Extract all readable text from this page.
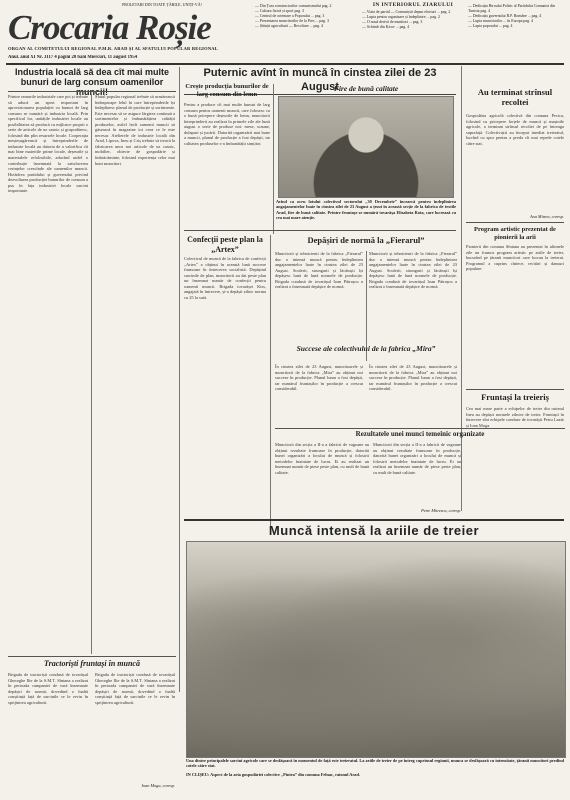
PROLETARI DIN TOATE ȚĂRILE, UNIȚI-VĂ!
Crocaria Roșie
ORGAN AL COMITETULUI REGIONAL P.M.R. ARAD ȘI AL SFATULUI POPULAR REGIONAL
Anul. anul XI Nr. 3117 4 pagini 20 bani Miercuri, 11 august 1954
— Din Țara constructorilor comunismului pag. 2
— Cultura fizică și sport pag. 3
— Centrul de orientare a Poporului ... pag. 3
— Prezentarea muncitorilor de la Pres ... pag. 3
— Știință agricultură — Recoltare ... pag. 4
IN INTERIORUL ZIARULUI
— Viata de partid — Comuniștii depun eforturi ... pag. 2
— Lupta pentru organizare și îndeplinire ... pag. 2
— O nouă derivă de munitori ... pag. 3
— Schimb din Kirov ... pag. 4
— Dedicația Biroului Politic al Partidului Comunist din Tunisia pag. 4
— Dedicația guvernului R.P. Române ... pag. 4
— Lupta muncitorilor ... în Europa pag. 4
— Lupta poporului ... pag. 4
Industria locală să dea cît mai multe bunuri de larg consum oamenilor muncii!
Printre ramurile industriale care pot și trebuie să aducă un aport important în aprovizionarea populației cu bunuri de larg consum se numără și industria locală. Prin specificul lor, unitățile industriei locale au posibilitatea să producă cu mijloace proprii o serie de articole de uz casnic și gospodăresc, folosind din plin resursele locale. Cooperația meșteșugărească și întreprinderile de industrie locală au datoria de a valorifica cît mai bine materiile prime locale, deșeurile și materialele refolosibile, aducînd astfel o contribuție însemnată la satisfacerea cerințelor crescînde ale oamenilor muncii. Hotărîrea partidului și guvernului privind dezvoltarea producției bunurilor de consum a pus în fața industriei locale sarcini importante.
Sfatul popular regional trebuie să urmărească îndeaproape felul în care întreprinderile își îndeplinesc planul de producție și sortimente. Este necesar să se asigure lărgirea continuă a sortimentelor și îmbunătățirea calității produselor, astfel încît oamenii muncii să găsească în magazine tot ceea ce le este necesar. Atelierele de industrie locală din Arad, Lipova, Ineu și Criș trebuie să treacă la fabricarea unor noi articole de uz casnic, mobilier, obiecte de gospodărie și îmbrăcăminte, folosind experiența celor mai buni muncitori.
Puternic avînt în muncă în cinstea zilei de 23 August
Crește producția bunurilor de larg consum din lemn
Pentru a produce cît mai multe bunuri de larg consum pentru oamenii muncii, care folosesc cu o bună pricepere deșeurile de lemn, muncitorii întreprinderii au realizat în primele zile ale lunii august o serie de produse noi: mese, scaune, dulapuri și jucării. Datorită organizării mai bune a muncii, planul de producție a fost depășit, iar calitatea produselor s-a îmbunătățit simțitor.
Fire de bună calitate
Avînd ca ocru lotului colectivul sectorului „30 Decembrie” încearcă pentru îndeplinirea angajamentelor luate în cinstea zilei de 23 August a țesut în această secție de la fabrica de textile Arad, fire de bună calitate. Printre fruntașe se numără tovarășa Elisabeta Rota, care lucrează cu cea mai mare atenție.
Confecții peste plan la „Artex”
Colectivul de muncă de la fabrica de confecții „Artex” a obținut în această lună succese frumoase în întrecerea socialistă. Depășind sarcinile de plan, muncitorii au dat peste plan un însemnat număr de confecții pentru oamenii muncii. Brigada tovarășei Kiss, angajată în întrecere, și-a depășit zilnic norma cu 25 la sută.
Depășiri de normă la „Fierarul”
Muncitorii și tehnicienii de la fabrica „Fierarul” duc o intensă muncă pentru îndeplinirea angajamentelor luate în cinstea zilei de 23 August. Sculerii, strungarii și lăcătușii își depășesc lună de lună normele de producție. Brigada condusă de tovarășul Ioan Pătrașcu a realizat o însemnată depășire de normă.
Muncitorii și tehnicienii de la fabrica „Fierarul” duc o intensă muncă pentru îndeplinirea angajamentelor luate în cinstea zilei de 23 August. Sculerii, strungarii și lăcătușii își depășesc lună de lună normele de producție. Brigada condusă de tovarășul Ioan Pătrașcu a realizat o însemnată depășire de normă.
Succese ale colectivului de la fabrica „Mira”
În cinstea zilei de 23 August, muncitoarele și muncitorii de la fabrica „Mira” au obținut noi succese în producție. Planul lunar a fost depășit, iar numărul fruntașilor în producție a crescut considerabil.
În cinstea zilei de 23 August, muncitoarele și muncitorii de la fabrica „Mira” au obținut noi succese în producție. Planul lunar a fost depășit, iar numărul fruntașilor în producție a crescut considerabil.
Au terminat strînsul recoltei
Gospodăria agricolă colectivă din comuna Pecica, folosind cu pricepere forțele de muncă și mașinile agricole, a terminat strînsul recoltei de pe întreaga suprafață. Colectiviștii au început imediat treieratul, lucrînd cu spor pentru a preda cît mai repede cotele către stat.
Ana Mitrea, coresp.
Program artistic prezentat de pionierii la arii
Pionierii din comuna Sîntana au prezentat în ultimele zile un frumos program artistic pe ariile de treier, bucurînd pe țăranii muncitori care lucrau la treierat. Programul a cuprins cîntece, recitări și dansuri populare.
Fruntași la treieriș
Cea mai mare parte a echipelor de treier din raionul Ineu au depășit normele zilnice de treier. Fruntașii în întrecere sînt echipele conduse de tovarășii Petru Lazăr și Ioan Moga.
Rezultatele unei munci temeinic organizate
Muncitorii din secția a II-a a fabricii de vagoane au obținut rezultate frumoase în producție, datorită bunei organizări a locului de muncă și folosirii metodelor înaintate de lucru. Ei au realizat un însemnat număr de piese peste plan, cu mult de bună calitate.
Muncitorii din secția a II-a a fabricii de vagoane au obținut rezultate frumoase în producție, datorită bunei organizări a locului de muncă și folosirii metodelor înaintate de lucru. Ei au realizat un însemnat număr de piese peste plan, cu mult de bună calitate.
Petre Mitrescu, coresp.
Muncă intensă la ariile de treier
Una dintre principalele sarcini agricole care se desfășoară în momentul de față este treieratul. La ariile de treier de pe întreg cuprinsul regiunii, munca se desfășoară cu intensitate, țăranii muncitori predînd cotele către stat.
IN CLIȘEU: Aspect de la aria gospodăriei colective „Pintea” din comuna Felnac, raionul Arad.
Tractoriști fruntași în muncă
Brigada de tractoriști condusă de tovarășul Gheorghe Ilie de la S.M.T. Sîntana a realizat în perioada campaniei de vară însemnate depășiri de normă, dovedind o înaltă conștiință față de sarcinile ce le revin în sprijinirea agriculturii.
Brigada de tractoriști condusă de tovarășul Gheorghe Ilie de la S.M.T. Sîntana a realizat în perioada campaniei de vară însemnate depășiri de normă, dovedind o înaltă conștiință față de sarcinile ce le revin în sprijinirea agriculturii.
Ioan Moga, coresp.
